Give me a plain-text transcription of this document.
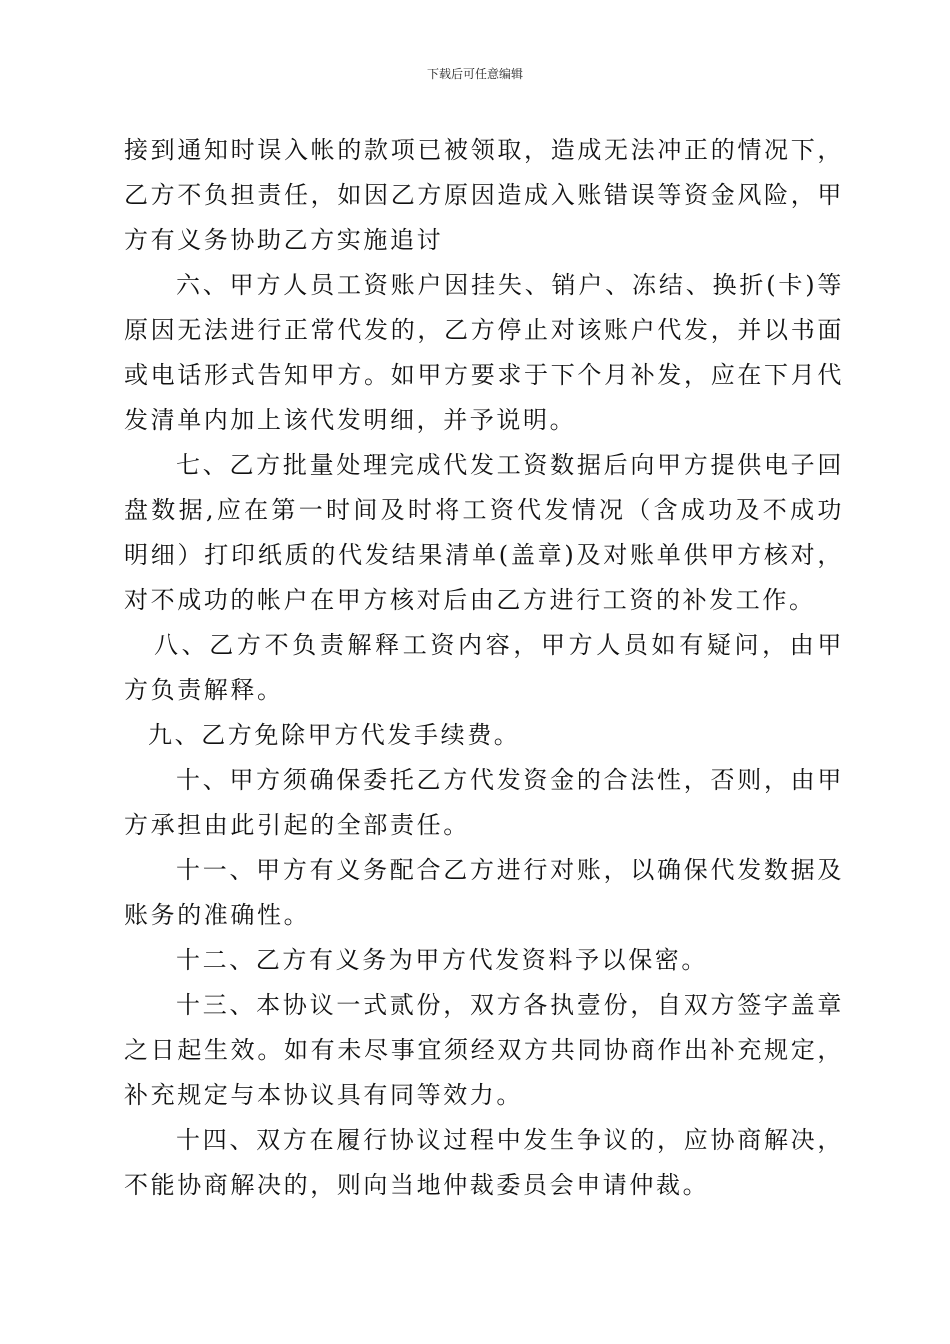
下载后可任意编辑

接到通知时误入帐的款项已被领取，造成无法冲正的情况下，乙方不负担责任，如因乙方原因造成入账错误等资金风险，甲方有义务协助乙方实施追讨

六、甲方人员工资账户因挂失、销户、冻结、换折(卡)等原因无法进行正常代发的，乙方停止对该账户代发，并以书面或电话形式告知甲方。如甲方要求于下个月补发，应在下月代发清单内加上该代发明细，并予说明。

七、乙方批量处理完成代发工资数据后向甲方提供电子回盘数据,应在第一时间及时将工资代发情况（含成功及不成功明细）打印纸质的代发结果清单(盖章)及对账单供甲方核对，对不成功的帐户在甲方核对后由乙方进行工资的补发工作。

八、乙方不负责解释工资内容，甲方人员如有疑问，由甲方负责解释。

九、乙方免除甲方代发手续费。

十、甲方须确保委托乙方代发资金的合法性，否则，由甲方承担由此引起的全部责任。

十一、甲方有义务配合乙方进行对账，以确保代发数据及账务的准确性。

十二、乙方有义务为甲方代发资料予以保密。

十三、本协议一式贰份，双方各执壹份，自双方签字盖章之日起生效。如有未尽事宜须经双方共同协商作出补充规定，补充规定与本协议具有同等效力。

十四、双方在履行协议过程中发生争议的，应协商解决，不能协商解决的，则向当地仲裁委员会申请仲裁。
